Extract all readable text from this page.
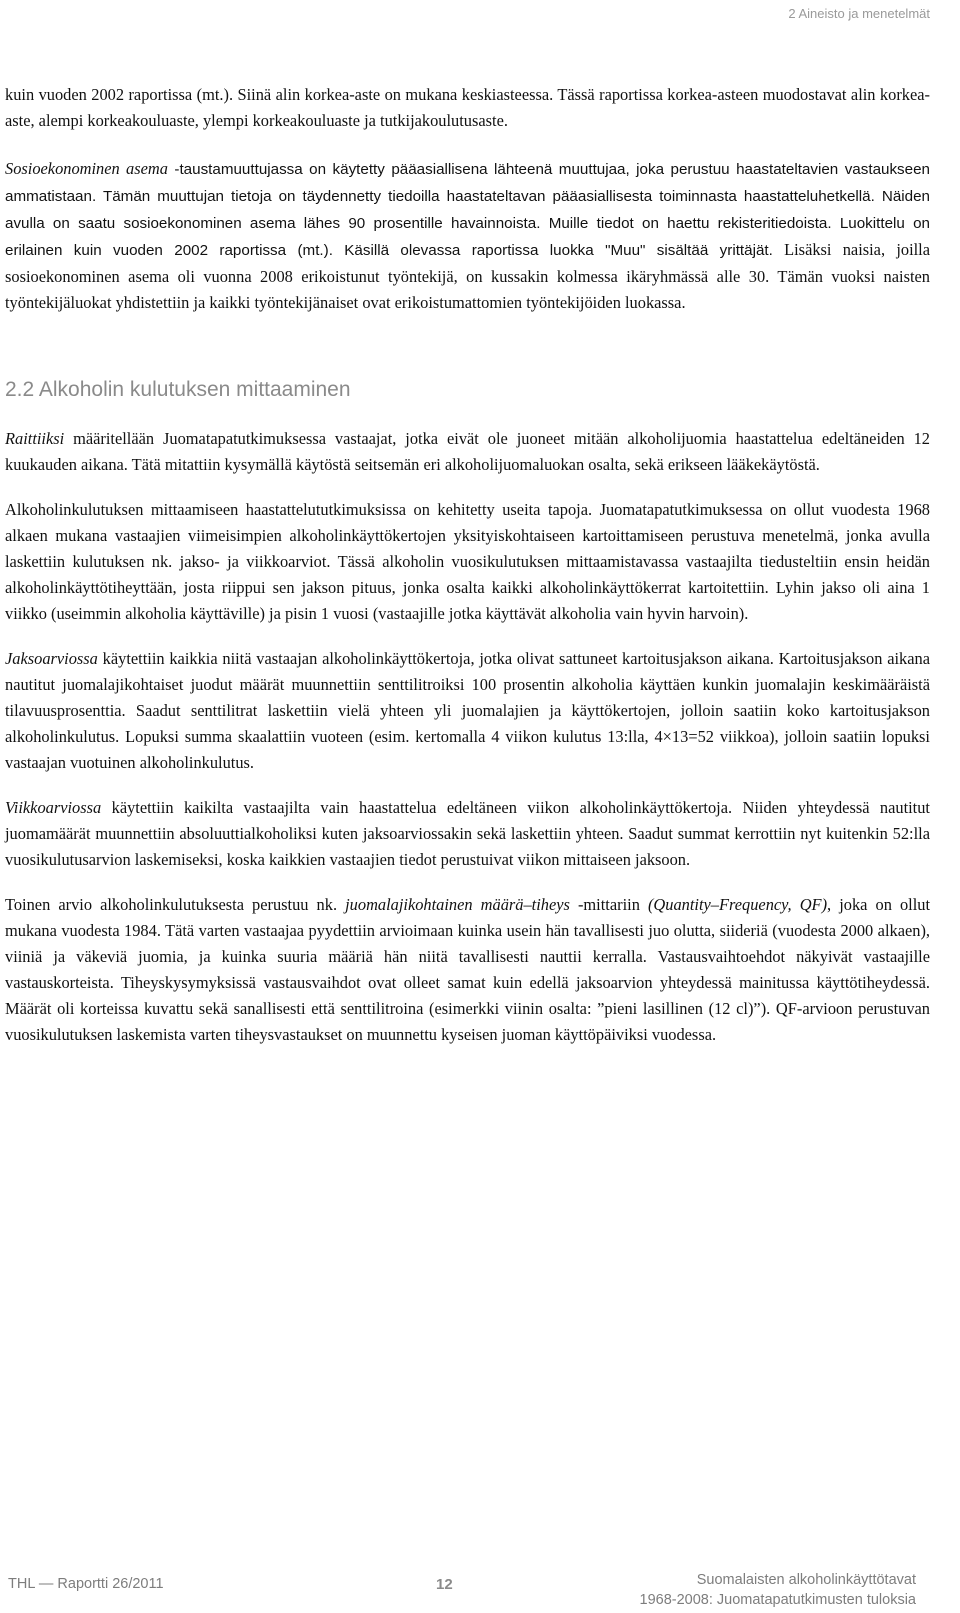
2 Aineisto ja menetelmät

kuin vuoden 2002 raportissa (mt.). Siinä alin korkea-aste on mukana keskiasteessa. Tässä raportissa korkea-asteen muodostavat alin korkea-aste, alempi korkeakouluaste, ylempi korkeakouluaste ja tutkijakoulutusaste.

Sosioekonominen asema -taustamuuttujassa on käytetty pääasiallisena lähteenä muuttujaa, joka perustuu haastateltavien vastaukseen ammatistaan. Tämän muuttujan tietoja on täydennetty tiedoilla haastateltavan pääasiallisesta toiminnasta haastatteluhetkellä. Näiden avulla on saatu sosioekonominen asema lähes 90 prosentille havainnoista. Muille tiedot on haettu rekisteritiedoista. Luokittelu on erilainen kuin vuoden 2002 raportissa (mt.). Käsillä olevassa raportissa luokka "Muu" sisältää yrittäjät. Lisäksi naisia, joilla sosioekonominen asema oli vuonna 2008 erikoistunut työntekijä, on kussakin kolmessa ikäryhmässä alle 30. Tämän vuoksi naisten työntekijäluokat yhdistettiin ja kaikki työntekijänaiset ovat erikoistumattomien työntekijöiden luokassa.

2.2 Alkoholin kulutuksen mittaaminen

Raittiiksi määritellään Juomatapatutkimuksessa vastaajat, jotka eivät ole juoneet mitään alkoholijuomia haastattelua edeltäneiden 12 kuukauden aikana. Tätä mitattiin kysymällä käytöstä seitsemän eri alkoholijuomaluokan osalta, sekä erikseen lääkekäytöstä.

Alkoholinkulutuksen mittaamiseen haastattelututkimuksissa on kehitetty useita tapoja. Juomatapatutkimuksessa on ollut vuodesta 1968 alkaen mukana vastaajien viimeisimpien alkoholinkäyttökertojen yksityiskohtaiseen kartoittamiseen perustuva menetelmä, jonka avulla laskettiin kulutuksen nk. jakso- ja viikkoarviot. Tässä alkoholin vuosikulutuksen mittaamistavassa vastaajilta tiedusteltiin ensin heidän alkoholinkäyttötiheyttään, josta riippui sen jakson pituus, jonka osalta kaikki alkoholinkäyttökerrat kartoitettiin. Lyhin jakso oli aina 1 viikko (useimmin alkoholia käyttäville) ja pisin 1 vuosi (vastaajille jotka käyttävät alkoholia vain hyvin harvoin).

Jaksoarviossa käytettiin kaikkia niitä vastaajan alkoholinkäyttökertoja, jotka olivat sattuneet kartoitusjakson aikana. Kartoitusjakson aikana nautitut juomalajikohtaiset juodut määrät muunnettiin senttilitroiksi 100 prosentin alkoholia käyttäen kunkin juomalajin keskimääräistä tilavuusprosenttia. Saadut senttilitrat laskettiin vielä yhteen yli juomalajien ja käyttökertojen, jolloin saatiin koko kartoitusjakson alkoholinkulutus. Lopuksi summa skaalattiin vuoteen (esim. kertomalla 4 viikon kulutus 13:lla, 4×13=52 viikkoa), jolloin saatiin lopuksi vastaajan vuotuinen alkoholinkulutus.

Viikkoarviossa käytettiin kaikilta vastaajilta vain haastattelua edeltäneen viikon alkoholinkäyttökertoja. Niiden yhteydessä nautitut juomamäärät muunnettiin absoluuttialkoholiksi kuten jaksoarviossakin sekä laskettiin yhteen. Saadut summat kerrottiin nyt kuitenkin 52:lla vuosikulutusarvion laskemiseksi, koska kaikkien vastaajien tiedot perustuivat viikon mittaiseen jaksoon.

Toinen arvio alkoholinkulutuksesta perustuu nk. juomalajikohtainen määrä–tiheys -mittariin (Quantity–Frequency, QF), joka on ollut mukana vuodesta 1984. Tätä varten vastaajaa pyydettiin arvioimaan kuinka usein hän tavallisesti juo olutta, siideriä (vuodesta 2000 alkaen), viiniä ja väkeviä juomia, ja kuinka suuria määriä hän niitä tavallisesti nauttii kerralla. Vastausvaihtoehdot näkyivät vastaajille vastauskorteista. Tiheyskysymyksissä vastausvaihdot ovat olleet samat kuin edellä jaksoarvion yhteydessä mainitussa käyttötiheydessä. Määrät oli korteissa kuvattu sekä sanallisesti että senttilitroina (esimerkki viinin osalta: ”pieni lasillinen (12 cl)”). QF-arvioon perustuvan vuosikulutuksen laskemista varten tiheysvastaukset on muunnettu kyseisen juoman käyttöpäiviksi vuodessa.

THL — Raportti 26/2011	12	Suomalaisten alkoholinkäyttötavat
1968-2008: Juomatapatutkimusten tuloksia
